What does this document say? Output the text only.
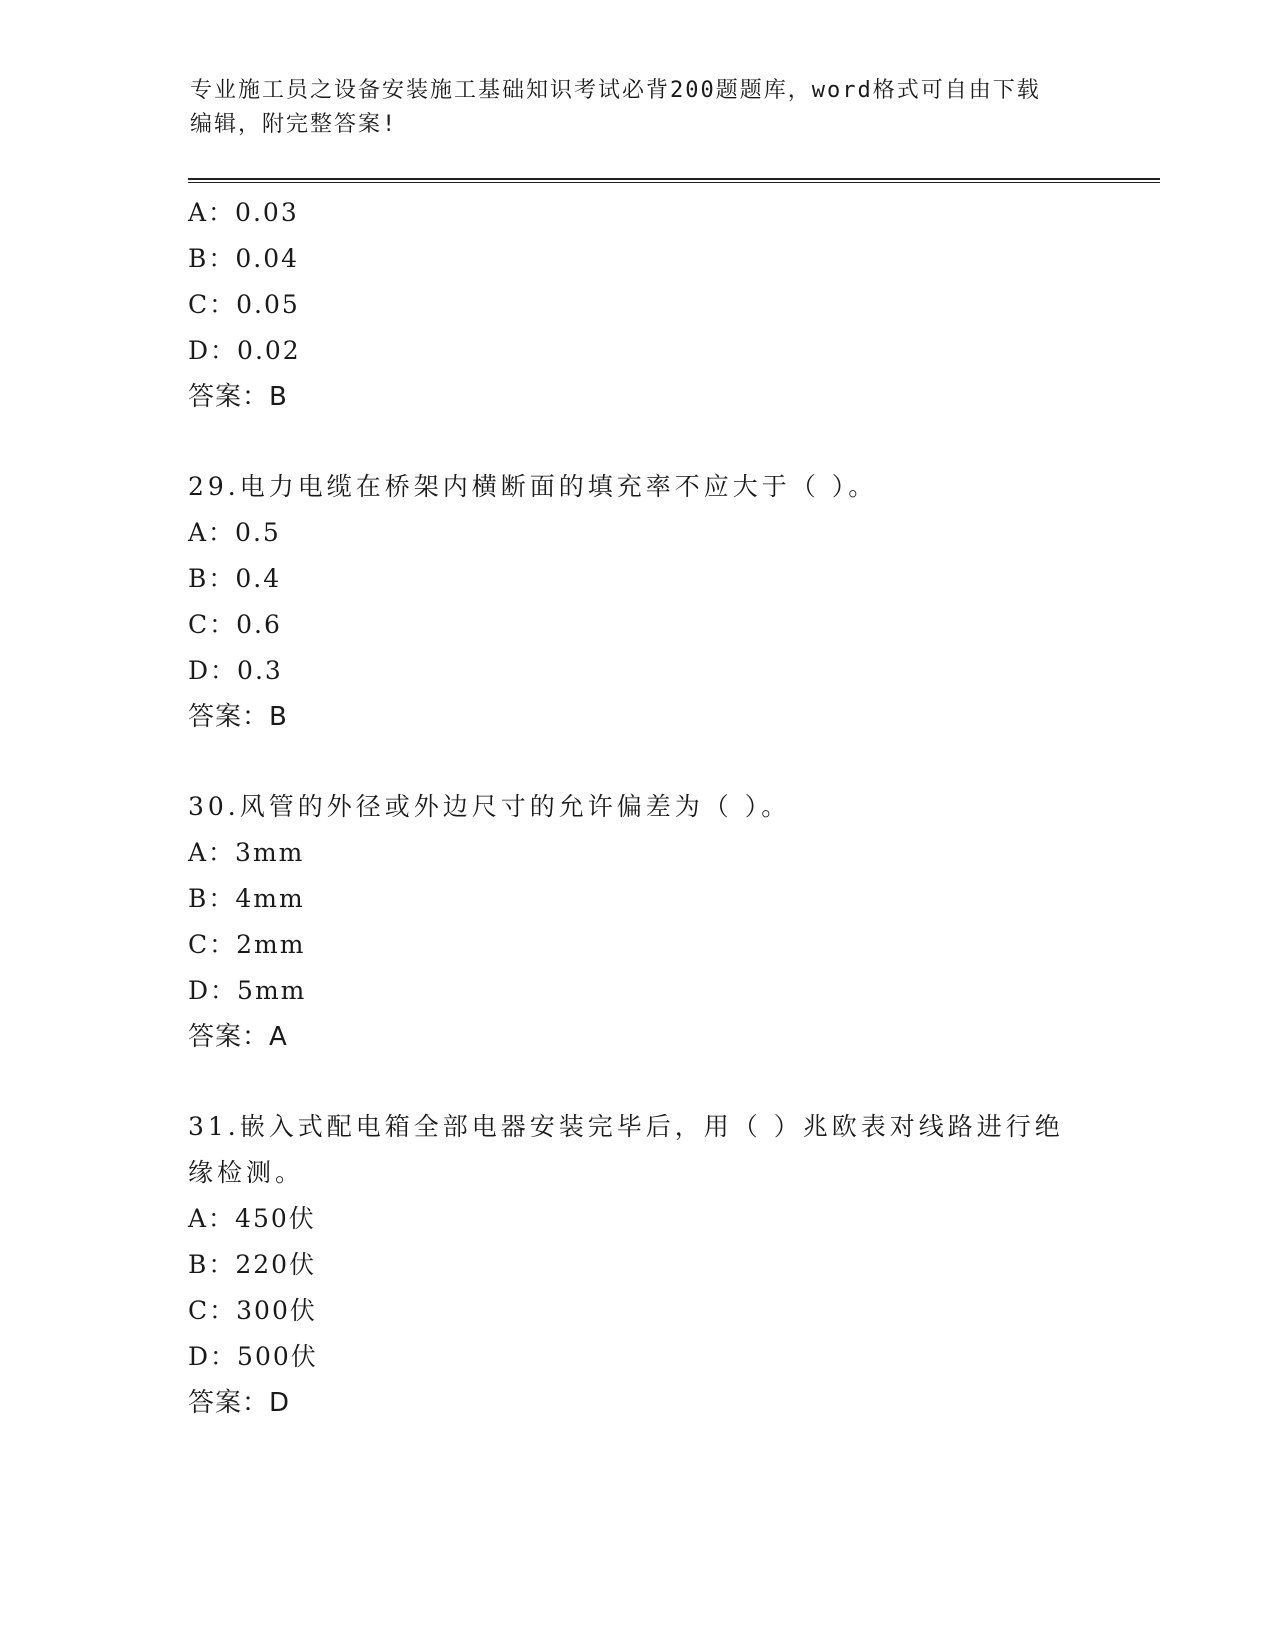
专业施工员之设备安装施工基础知识考试必背200题题库，word格式可自由下载
编辑，附完整答案!
A：0.03
B：0.04
C：0.05
D：0.02
答案：B
29.电力电缆在桥架内横断面的填充率不应大于（ ）。
A：0.5
B：0.4
C：0.6
D：0.3
答案：B
30.风管的外径或外边尺寸的允许偏差为（ ）。
A：3mm
B：4mm
C：2mm
D：5mm
答案：A
31.嵌入式配电箱全部电器安装完毕后，用（ ）兆欧表对线路进行绝
缘检测。
A：450伏
B：220伏
C：300伏
D：500伏
答案：D
